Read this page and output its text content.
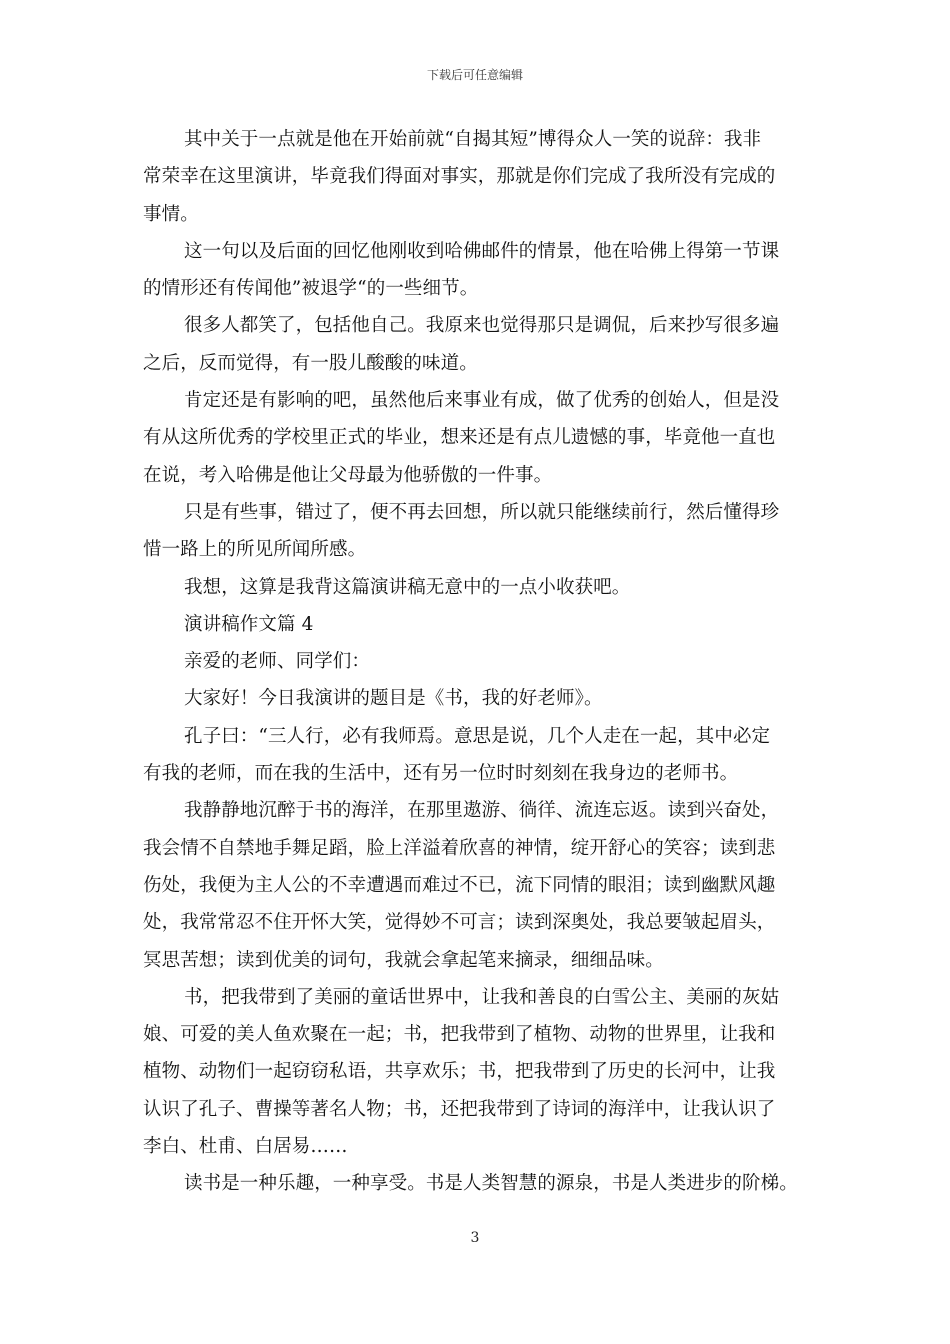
下载后可任意编辑
其中关于一点就是他在开始前就“自揭其短”博得众人一笑的说辞：我非
常荣幸在这里演讲，毕竟我们得面对事实，那就是你们完成了我所没有完成的
事情。
这一句以及后面的回忆他刚收到哈佛邮件的情景，他在哈佛上得第一节课
的情形还有传闻他”被退学“的一些细节。
很多人都笑了，包括他自己。我原来也觉得那只是调侃，后来抄写很多遍
之后，反而觉得，有一股儿酸酸的味道。
肯定还是有影响的吧，虽然他后来事业有成，做了优秀的创始人，但是没
有从这所优秀的学校里正式的毕业，想来还是有点儿遗憾的事，毕竟他一直也
在说，考入哈佛是他让父母最为他骄傲的一件事。
只是有些事，错过了，便不再去回想，所以就只能继续前行，然后懂得珍
惜一路上的所见所闻所感。
我想，这算是我背这篇演讲稿无意中的一点小收获吧。
演讲稿作文篇 4
亲爱的老师、同学们：
大家好！今日我演讲的题目是《书，我的好老师》。
孔子曰：“三人行，必有我师焉。意思是说，几个人走在一起，其中必定
有我的老师，而在我的生活中，还有另一位时时刻刻在我身边的老师书。
我静静地沉醉于书的海洋，在那里遨游、徜徉、流连忘返。读到兴奋处，
我会情不自禁地手舞足蹈，脸上洋溢着欣喜的神情，绽开舒心的笑容；读到悲
伤处，我便为主人公的不幸遭遇而难过不已，流下同情的眼泪；读到幽默风趣
处，我常常忍不住开怀大笑，觉得妙不可言；读到深奥处，我总要皱起眉头，
冥思苦想；读到优美的词句，我就会拿起笔来摘录，细细品味。
书，把我带到了美丽的童话世界中，让我和善良的白雪公主、美丽的灰姑
娘、可爱的美人鱼欢聚在一起；书，把我带到了植物、动物的世界里，让我和
植物、动物们一起窃窃私语，共享欢乐；书，把我带到了历史的长河中，让我
认识了孔子、曹操等著名人物；书，还把我带到了诗词的海洋中，让我认识了
李白、杜甫、白居易……
读书是一种乐趣，一种享受。书是人类智慧的源泉，书是人类进步的阶梯。
3
